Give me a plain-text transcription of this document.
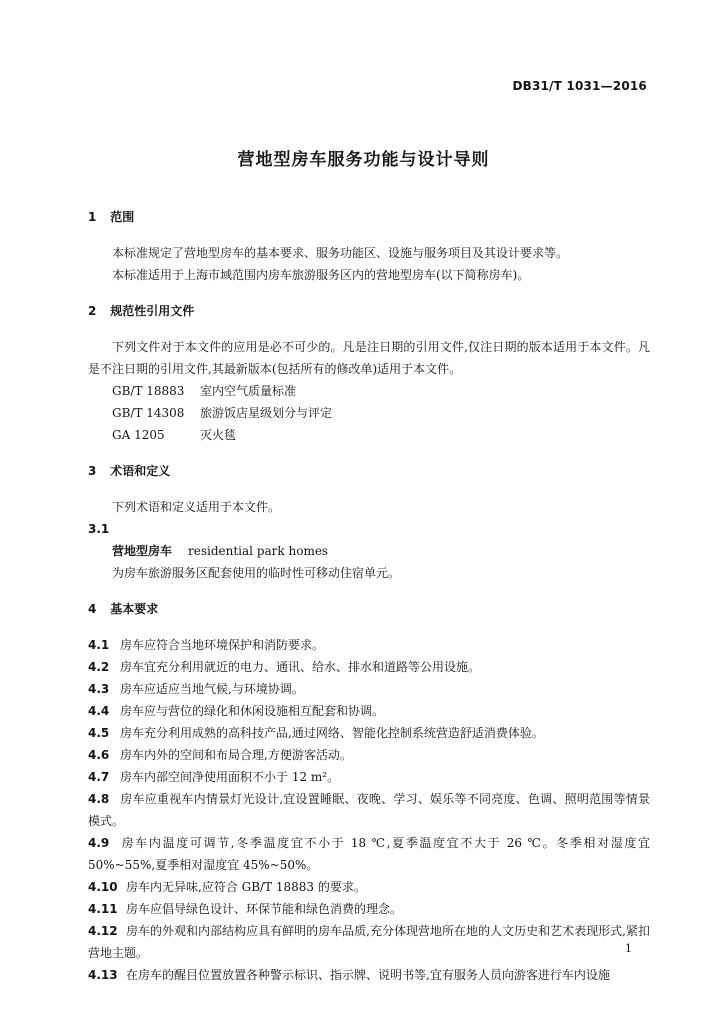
DB31/T 1031—2016
营地型房车服务功能与设计导则

1 范围

本标准规定了营地型房车的基本要求、服务功能区、设施与服务项目及其设计要求等。

本标准适用于上海市域范围内房车旅游服务区内的营地型房车(以下简称房车)。

2 规范性引用文件

下列文件对于本文件的应用是必不可少的。凡是注日期的引用文件,仅注日期的版本适用于本文件。凡是不注日期的引用文件,其最新版本(包括所有的修改单)适用于本文件。

GB/T 18883 室内空气质量标准

GB/T 14308 旅游饭店星级划分与评定

GA 1205	灭火毯

3 术语和定义

下列术语和定义适用于本文件。

3.1

营地型房车 residential park homes

为房车旅游服务区配套使用的临时性可移动住宿单元。

4 基本要求

4.1 房车应符合当地环境保护和消防要求。

4.2 房车宜充分利用就近的电力、通讯、给水、排水和道路等公用设施。

4.3 房车应适应当地气候,与环境协调。

4.4 房车应与营位的绿化和休闲设施相互配套和协调。

4.5 房车充分利用成熟的高科技产品,通过网络、智能化控制系统营造舒适消费体验。

4.6 房车内外的空间和布局合理,方便游客活动。

4.7 房车内部空间净使用面积不小于 12 m²。

4.8 房车应重视车内情景灯光设计,宜设置睡眠、夜晚、学习、娱乐等不同亮度、色调、照明范围等情景模式。

4.9 房车内温度可调节,冬季温度宜不小于 18 ℃,夏季温度宜不大于 26 ℃。冬季相对湿度宜 50%~55%,夏季相对湿度宜 45%~50%。

4.10 房车内无异味,应符合 GB/T 18883 的要求。

4.11 房车应倡导绿色设计、环保节能和绿色消费的理念。

4.12 房车的外观和内部结构应具有鲜明的房车品质,充分体现营地所在地的人文历史和艺术表现形式,紧扣营地主题。

4.13 在房车的醒目位置放置各种警示标识、指示牌、说明书等,宜有服务人员向游客进行车内设施

1
